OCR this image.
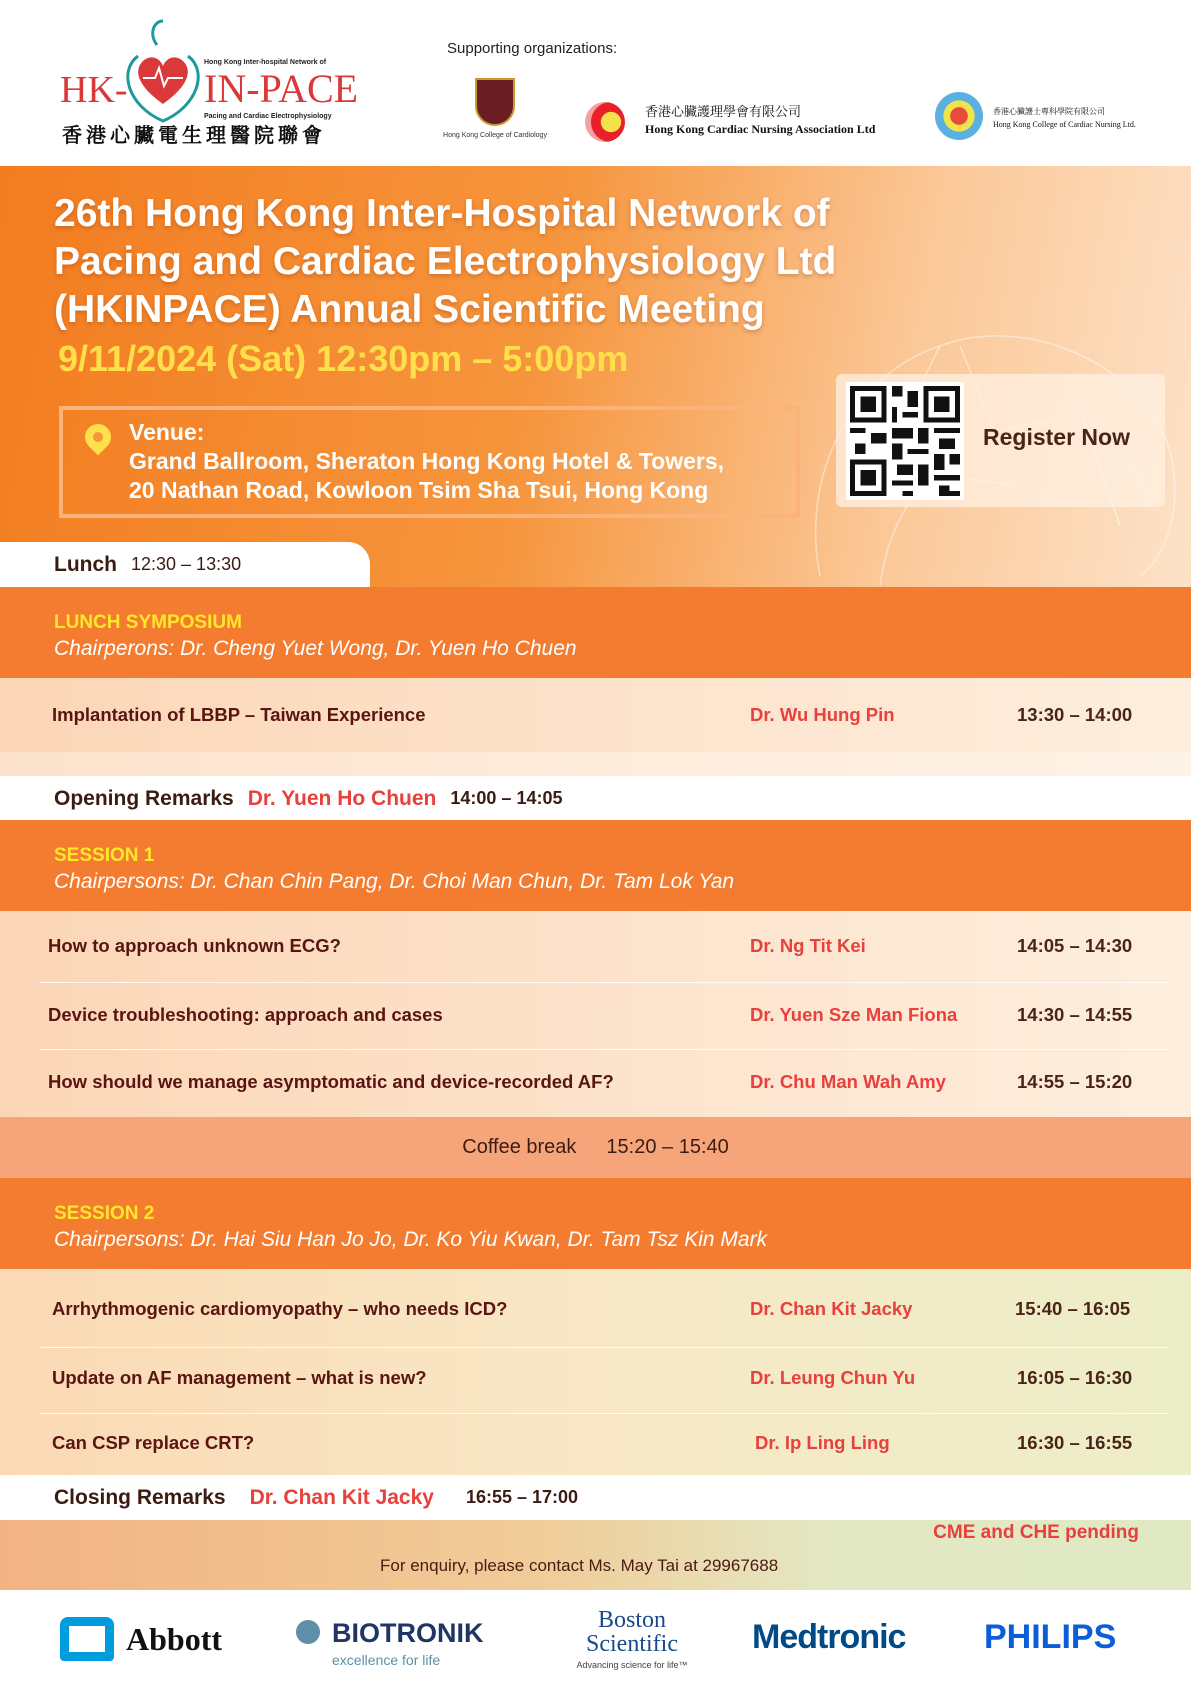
HK-
Hong Kong Inter-hospital Network of
IN-PACE
Pacing and Cardiac Electrophysiology
香港心臟電生理醫院聯會
Supporting organizations:
Hong Kong College of Cardiology
香港心臟護理學會有限公司
Hong Kong Cardiac Nursing Association Ltd
香港心臟護士專科學院有限公司
Hong Kong College of Cardiac Nursing Ltd.
26th Hong Kong Inter-Hospital Network of
Pacing and Cardiac Electrophysiology Ltd
(HKINPACE) Annual Scientific Meeting
9/11/2024 (Sat) 12:30pm – 5:00pm
Venue:
Grand Ballroom, Sheraton Hong Kong Hotel & Towers,
20 Nathan Road, Kowloon Tsim Sha Tsui, Hong Kong
Register Now
Lunch 12:30 – 13:30
LUNCH SYMPOSIUM
Chairperons: Dr. Cheng Yuet Wong, Dr. Yuen Ho Chuen
Implantation of LBBP – Taiwan Experience	Dr. Wu Hung Pin	13:30 – 14:00
Opening Remarks Dr. Yuen Ho Chuen 14:00 – 14:05
SESSION 1
Chairpersons: Dr. Chan Chin Pang, Dr. Choi Man Chun, Dr. Tam Lok Yan
How to approach unknown ECG?	Dr. Ng Tit Kei	14:05 – 14:30
Device troubleshooting: approach and cases	Dr. Yuen Sze Man Fiona	14:30 – 14:55
How should we manage asymptomatic and device-recorded AF?	Dr. Chu Man Wah Amy	14:55 – 15:20
Coffee break 15:20 – 15:40
SESSION 2
Chairpersons: Dr. Hai Siu Han Jo Jo, Dr. Ko Yiu Kwan, Dr. Tam Tsz Kin Mark
Arrhythmogenic cardiomyopathy – who needs ICD?	Dr. Chan Kit Jacky	15:40 – 16:05
Update on AF management – what is new?	Dr. Leung Chun Yu	16:05 – 16:30
Can CSP replace CRT?	Dr. Ip Ling Ling	16:30 – 16:55
CME and CHE pending
For enquiry, please contact Ms. May Tai at 29967688
Closing Remarks Dr. Chan Kit Jacky 16:55 – 17:00
Abbott	BIOTRONIK
excellence for life
Boston Scientific
Advancing science for life™
Medtronic PHILIPS
